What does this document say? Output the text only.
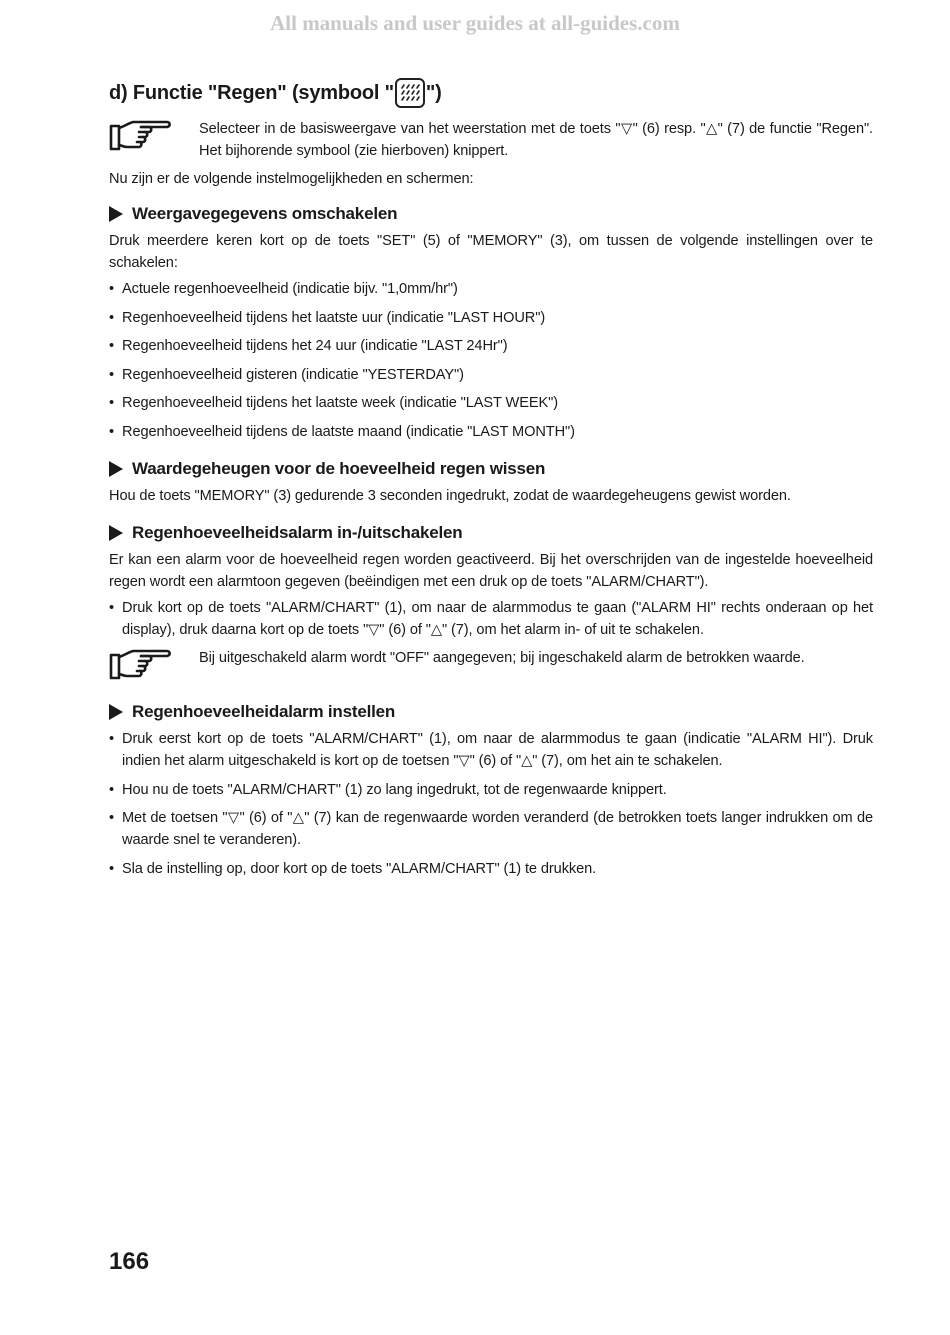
All manuals and user guides at all-guides.com
d) Functie "Regen" (symbool " ")

Selecteer in de basisweergave van het weerstation met de toets "▽" (6) resp. "△" (7) de functie "Regen". Het bijhorende symbool (zie hierboven) knippert.

Nu zijn er de volgende instelmogelijkheden en schermen:

Weergavegegevens omschakelen

Druk meerdere keren kort op de toets "SET" (5) of "MEMORY" (3), om tussen de volgende instellingen over te schakelen:

• Actuele regenhoeveelheid (indicatie bijv. "1,0mm/hr")
• Regenhoeveelheid tijdens het laatste uur (indicatie "LAST HOUR")
• Regenhoeveelheid tijdens het 24 uur (indicatie "LAST 24Hr")
• Regenhoeveelheid gisteren (indicatie "YESTERDAY")
• Regenhoeveelheid tijdens het laatste week (indicatie "LAST WEEK")
• Regenhoeveelheid tijdens de laatste maand (indicatie "LAST MONTH")
Waardegeheugen voor de hoeveelheid regen wissen

Hou de toets "MEMORY" (3) gedurende 3 seconden ingedrukt, zodat de waardegeheugens gewist worden.

Regenhoeveelheidsalarm in-/uitschakelen

Er kan een alarm voor de hoeveelheid regen worden geactiveerd. Bij het overschrijden van de ingestelde hoeveelheid regen wordt een alarmtoon gegeven (beëindigen met een druk op de toets "ALARM/CHART").

• Druk kort op de toets "ALARM/CHART" (1), om naar de alarmmodus te gaan ("ALARM HI" rechts onderaan op het display), druk daarna kort op de toets "▽" (6) of "△" (7), om het alarm in- of uit te schakelen.

Bij uitgeschakeld alarm wordt "OFF" aangegeven; bij ingeschakeld alarm de betrokken waarde.

Regenhoeveelheidalarm instellen
• Druk eerst kort op de toets "ALARM/CHART" (1), om naar de alarmmodus te gaan (indicatie "ALARM HI"). Druk indien het alarm uitgeschakeld is kort op de toetsen "▽" (6) of "△" (7), om het ain te schakelen.
• Hou nu de toets "ALARM/CHART" (1) zo lang ingedrukt, tot de regenwaarde knippert.
• Met de toetsen "▽" (6) of "△" (7) kan de regenwaarde worden veranderd (de betrokken toets langer indrukken om de waarde snel te veranderen).
• Sla de instelling op, door kort op de toets "ALARM/CHART" (1) te drukken.
166
